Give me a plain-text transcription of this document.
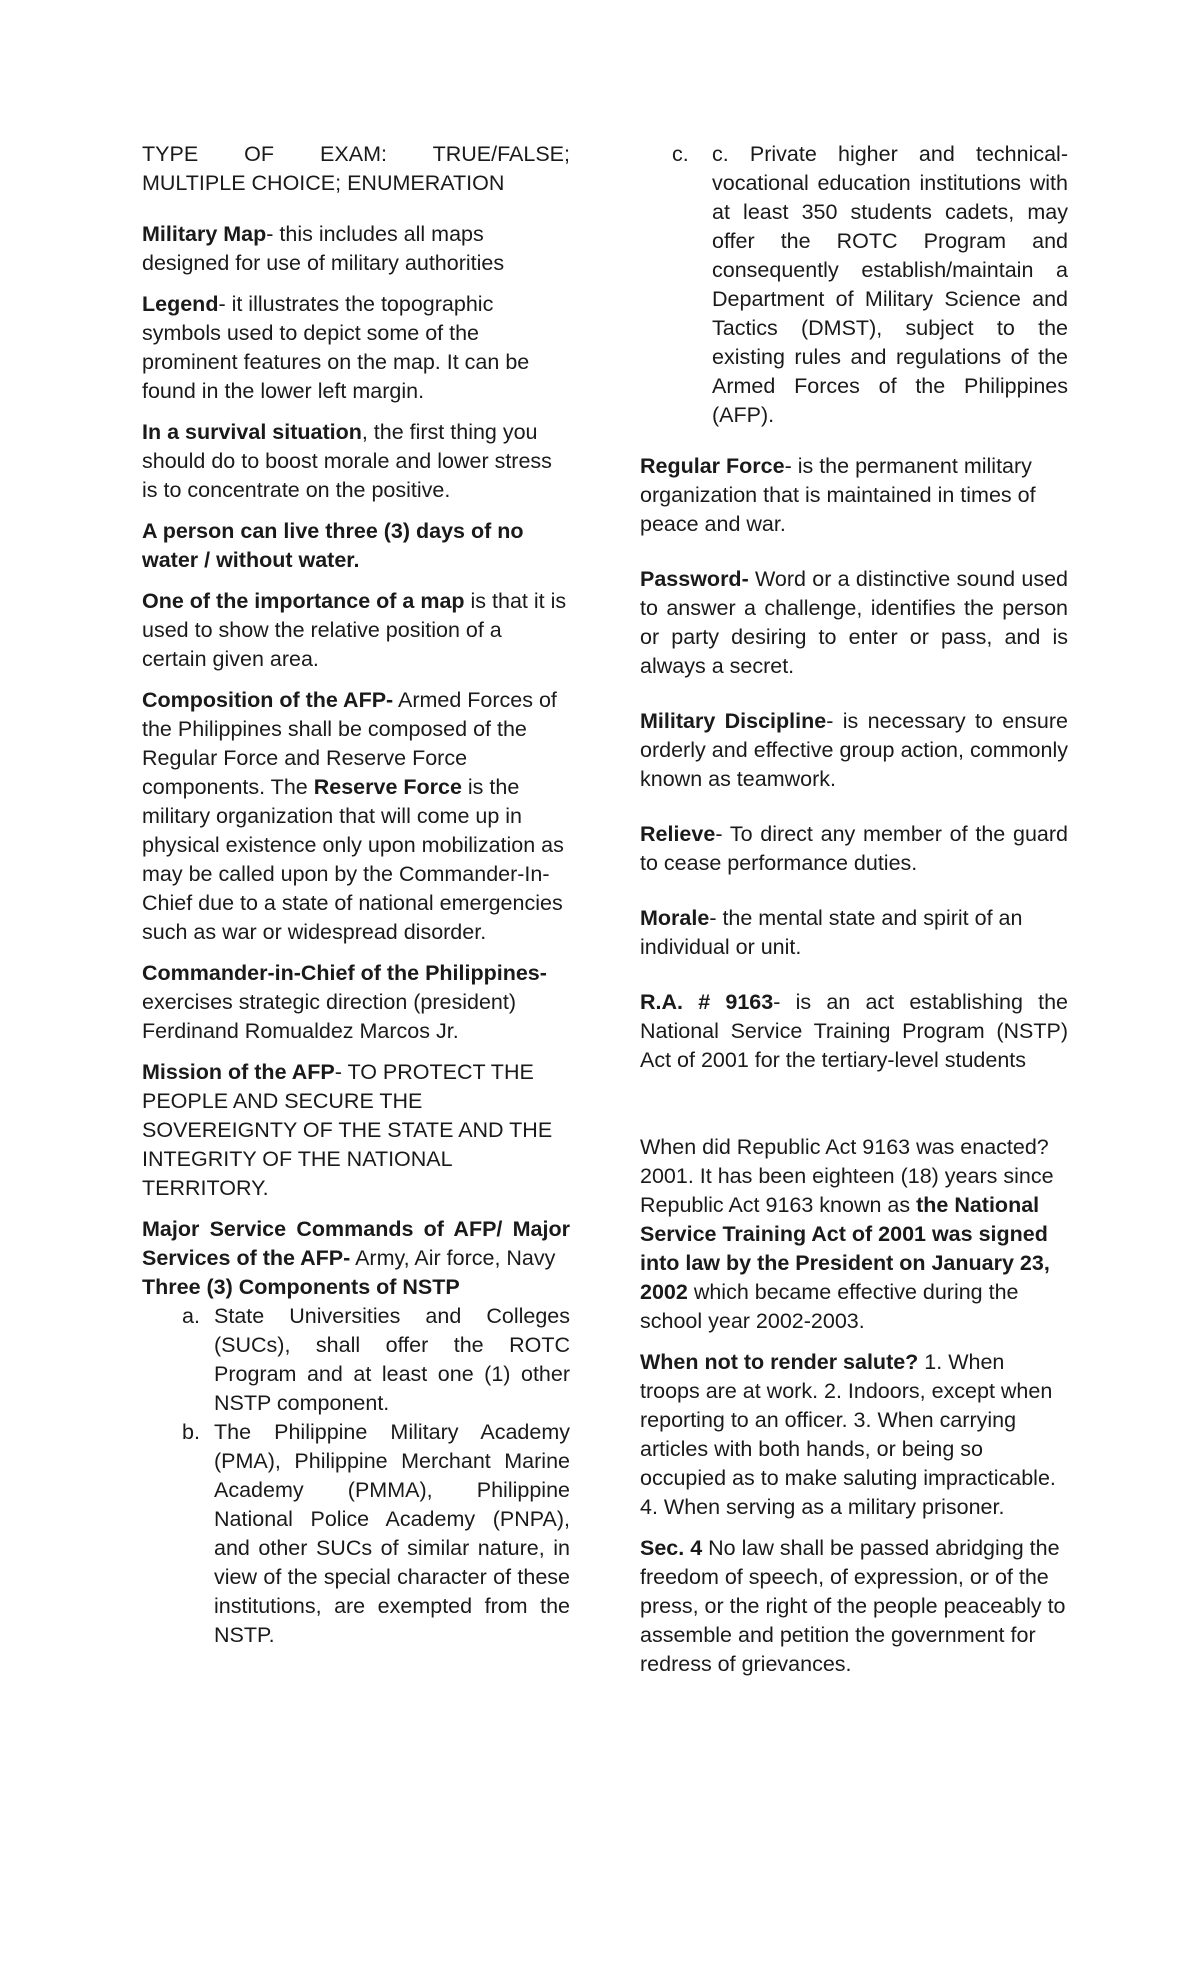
TYPE OF EXAM: TRUE/FALSE;

MULTIPLE CHOICE; ENUMERATION

Military Map- this includes all maps designed for use of military authorities

Legend- it illustrates the topographic symbols used to depict some of the prominent features on the map. It can be found in the lower left margin.

In a survival situation, the first thing you should do to boost morale and lower stress is to concentrate on the positive.

A person can live three (3) days of no water / without water.

One of the importance of a map is that it is used to show the relative position of a certain given area.

Composition of the AFP- Armed Forces of the Philippines shall be composed of the Regular Force and Reserve Force components. The Reserve Force is the military organization that will come up in physical existence only upon mobilization as may be called upon by the Commander-In-Chief due to a state of national emergencies such as war or widespread disorder.

Commander-in-Chief of the Philippines- exercises strategic direction (president) Ferdinand Romualdez Marcos Jr.

Mission of the AFP- TO PROTECT THE PEOPLE AND SECURE THE SOVEREIGNTY OF THE STATE AND THE INTEGRITY OF THE NATIONAL TERRITORY.

Major Service Commands of AFP/ Major Services of the AFP- Army, Air force, Navy

Three (3) Components of NSTP

a. State Universities and Colleges (SUCs), shall offer the ROTC Program and at least one (1) other NSTP component.
b. The Philippine Military Academy (PMA), Philippine Merchant Marine Academy (PMMA), Philippine National Police Academy (PNPA), and other SUCs of similar nature, in view of the special character of these institutions, are exempted from the NSTP.
c. c. Private higher and technical-vocational education institutions with at least 350 students cadets, may offer the ROTC Program and consequently establish/maintain a Department of Military Science and Tactics (DMST), subject to the existing rules and regulations of the Armed Forces of the Philippines (AFP).

Regular Force- is the permanent military organization that is maintained in times of peace and war.

Password- Word or a distinctive sound used to answer a challenge, identifies the person or party desiring to enter or pass, and is always a secret.

Military Discipline- is necessary to ensure orderly and effective group action, commonly known as teamwork.

Relieve- To direct any member of the guard to cease performance duties.

Morale- the mental state and spirit of an individual or unit.

R.A. # 9163- is an act establishing the National Service Training Program (NSTP) Act of 2001 for the tertiary-level students

When did Republic Act 9163 was enacted? 2001. It has been eighteen (18) years since Republic Act 9163 known as the National Service Training Act of 2001 was signed into law by the President on January 23, 2002 which became effective during the school year 2002-2003.

When not to render salute? 1. When troops are at work. 2. Indoors, except when reporting to an officer. 3. When carrying articles with both hands, or being so occupied as to make saluting impracticable. 4. When serving as a military prisoner.

Sec. 4 No law shall be passed abridging the freedom of speech, of expression, or of the press, or the right of the people peaceably to assemble and petition the government for redress of grievances.
